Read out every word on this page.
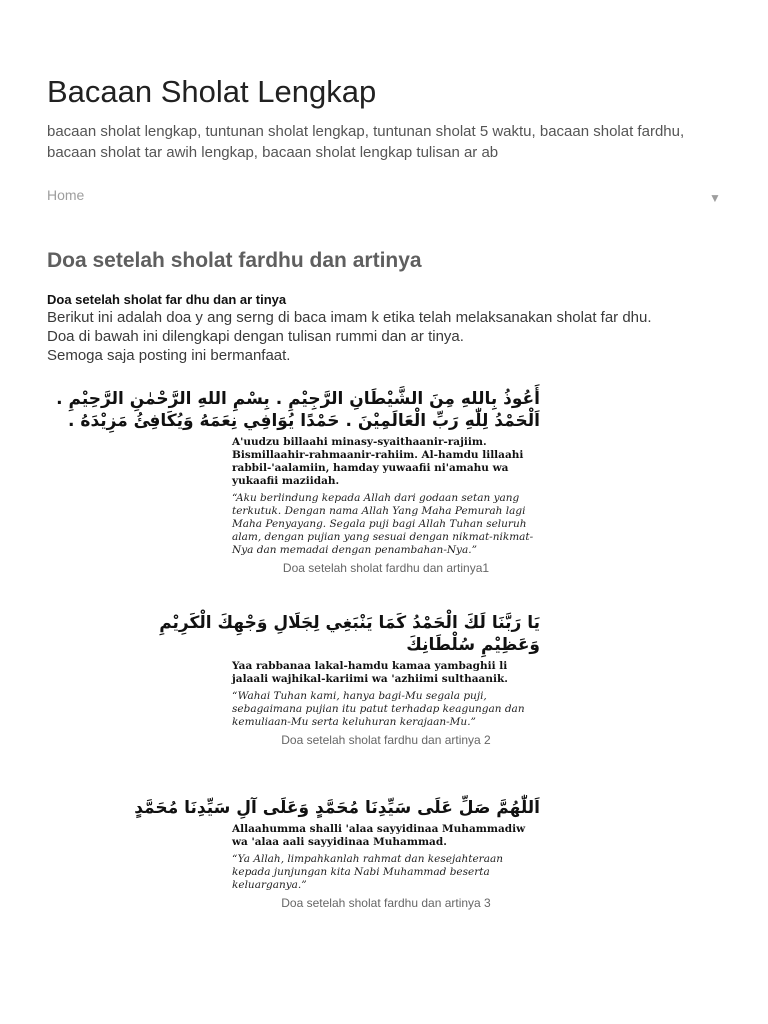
Bacaan Sholat Lengkap

bacaan sholat lengkap, tuntunan sholat lengkap, tuntunan sholat 5 waktu, bacaan sholat fardhu, bacaan sholat tar awih lengkap, bacaan sholat lengkap tulisan ar ab

Home	▼
Doa setelah sholat fardhu dan artinya
Doa setelah sholat far dhu dan ar tinya

Berikut ini adalah doa y ang serng di baca imam k etika telah melaksanakan sholat far dhu.

Doa di bawah ini dilengkapi dengan tulisan rummi dan ar tinya.

Semoga saja posting ini bermanfaat.

أَعُوذُ بِاللهِ مِنَ الشَّيْطَانِ الرَّجِيْمِ . بِسْمِ اللهِ الرَّحْمٰنِ الرَّحِيْمِ .
اَلْحَمْدُ لِلّٰهِ رَبِّ الْعَالَمِيْنَ . حَمْدًا يُوَافِي نِعَمَهُ وَيُكَافِئُ مَزِيْدَهُ .
A'uudzu billaahi minasy-syaithaanir-rajiim. Bismillaahir-rahmaanir-rahiim. Al-hamdu lillaahi rabbil-'aalamiin, hamday yuwaafii ni'amahu wa yukaafii maziidah.
“Aku berlindung kepada Allah dari godaan setan yang terkutuk. Dengan nama Allah Yang Maha Pemurah lagi Maha Penyayang. Segala puji bagi Allah Tuhan seluruh alam, dengan pujian yang sesuai dengan nikmat-nikmat-Nya dan memadai dengan penambahan-Nya.”
Doa setelah sholat fardhu dan artinya1
يَا رَبَّنَا لَكَ الْحَمْدُ كَمَا يَنْبَغِي لِجَلَالِ وَجْهِكَ الْكَرِيْمِ
وَعَظِيْمِ سُلْطَانِكَ
Yaa rabbanaa lakal-hamdu kamaa yambaghii li jalaali wajhikal-kariimi wa 'azhiimi sulthaanik.
“Wahai Tuhan kami, hanya bagi-Mu segala puji, sebagaimana pujian itu patut terhadap keagungan dan kemuliaan-Mu serta keluhuran kerajaan-Mu.”
Doa setelah sholat fardhu dan artinya 2
اَللّٰهُمَّ صَلِّ عَلَى سَيِّدِنَا مُحَمَّدٍ وَعَلَى آلِ سَيِّدِنَا مُحَمَّدٍ
Allaahumma shalli 'alaa sayyidinaa Muhammadiw wa 'alaa aali sayyidinaa Muhammad.
“Ya Allah, limpahkanlah rahmat dan kesejahteraan kepada junjungan kita Nabi Muhammad beserta keluarganya.”
Doa setelah sholat fardhu dan artinya 3
